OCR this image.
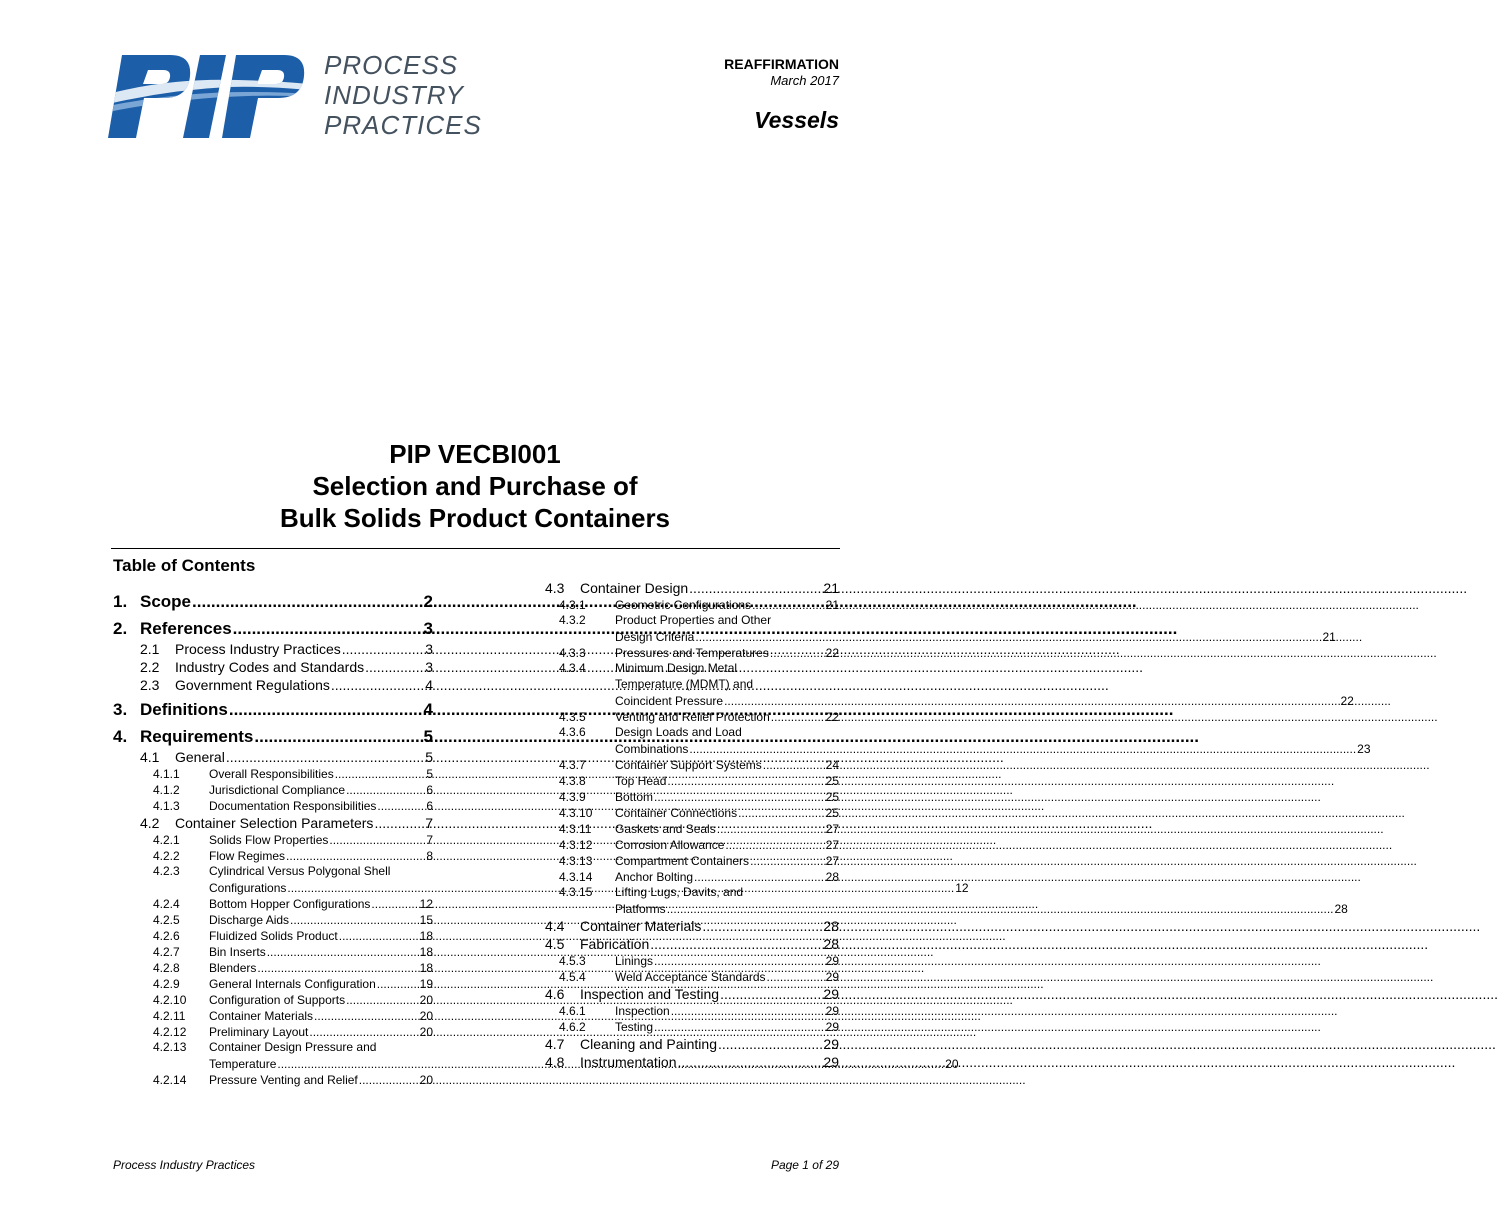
PROCESS
INDUSTRY
PRACTICES
REAFFIRMATION
March 2017
Vessels
PIP VECBI001
Selection and Purchase of
Bulk Solids Product Containers
Table of Contents
1. Scope .....	2
2. References .....	3
2.1	Process Industry Practices .....	3
2.2	Industry Codes and Standards .....	3
2.3	Government Regulations .....	4
3. Definitions .....	4
4. Requirements .....	5
4.1	General .....	5
4.1.1	Overall Responsibilities .....	5
4.1.2	Jurisdictional Compliance .....	6
4.1.3	Documentation Responsibilities .....	6
4.2	Container Selection Parameters .....	7
4.2.1	Solids Flow Properties .....	7
4.2.2	Flow Regimes .....	8
4.2.3	Cylindrical Versus Polygonal Shell
Configurations .....	12
4.2.4	Bottom Hopper Configurations .....	12
4.2.5	Discharge Aids .....	15
4.2.6	Fluidized Solids Product .....	18
4.2.7	Bin Inserts .....	18
4.2.8	Blenders .....	18
4.2.9	General Internals Configuration .....	19
4.2.10	Configuration of Supports .....	20
4.2.11	Container Materials .....	20
4.2.12	Preliminary Layout .....	20
4.2.13	Container Design Pressure and
Temperature .....	20
4.2.14	Pressure Venting and Relief .....	20
4.3	Container Design .....	21
4.3.1	Geometric Configurations .....	21
4.3.2	Product Properties and Other
Design Criteria .....	21
4.3.3	Pressures and Temperatures .....	22
4.3.4	Minimum Design Metal
Temperature (MDMT) and
Coincident Pressure .....	22
4.3.5	Venting and Relief Protection .....	22
4.3.6	Design Loads and Load
Combinations .....	23
4.3.7	Container Support Systems .....	24
4.3.8	Top Head .....	25
4.3.9	Bottom .....	25
4.3.10	Container Connections .....	25
4.3.11	Gaskets and Seals .....	27
4.3.12	Corrosion Allowance .....	27
4.3.13	Compartment Containers .....	27
4.3.14	Anchor Bolting .....	28
4.3.15	Lifting Lugs, Davits, and
Platforms .....	28
4.4	Container Materials .....	28
4.5	Fabrication .....	28
4.5.3	Linings .....	29
4.5.4	Weld Acceptance Standards .....	29
4.6	Inspection and Testing .....	29
4.6.1	Inspection .....	29
4.6.2	Testing .....	29
4.7	Cleaning and Painting .....	29
4.8	Instrumentation .....	29
Process Industry Practices	Page 1 of 29
